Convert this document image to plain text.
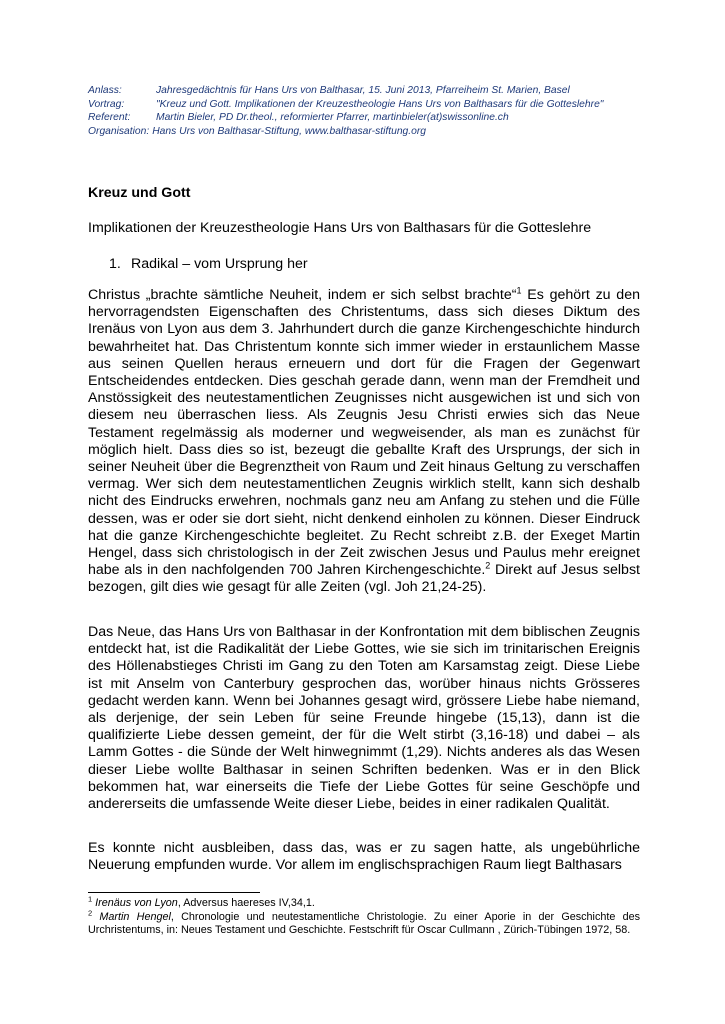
Anlass:	Jahresgedächtnis für Hans Urs von Balthasar, 15. Juni 2013, Pfarreiheim St. Marien, Basel
Vortrag:	"Kreuz und Gott. Implikationen der Kreuzestheologie Hans Urs von Balthasars für die Gotteslehre"
Referent:	Martin Bieler, PD Dr.theol., reformierter Pfarrer, martinbieler(at)swissonline.ch
Organisation: Hans Urs von Balthasar-Stiftung, www.balthasar-stiftung.org
Kreuz und Gott
Implikationen der Kreuzestheologie Hans Urs von Balthasars für die Gotteslehre
1. Radikal – vom Ursprung her

Christus „brachte sämtliche Neuheit, indem er sich selbst brachte“$^1$ Es gehört zu den hervorragendsten Eigenschaften des Christentums, dass sich dieses Diktum des Irenäus von Lyon aus dem 3. Jahrhundert durch die ganze Kirchengeschichte hindurch bewahrheitet hat. Das Christentum konnte sich immer wieder in erstaunlichem Masse aus seinen Quellen heraus erneuern und dort für die Fragen der Gegenwart Entscheidendes entdecken. Dies geschah gerade dann, wenn man der Fremdheit und Anstössigkeit des neutestamentlichen Zeugnisses nicht ausgewichen ist und sich von diesem neu überraschen liess. Als Zeugnis Jesu Christi erwies sich das Neue Testament regelmässig als moderner und wegweisender, als man es zunächst für möglich hielt. Dass dies so ist, bezeugt die geballte Kraft des Ursprungs, der sich in seiner Neuheit über die Begrenztheit von Raum und Zeit hinaus Geltung zu verschaffen vermag. Wer sich dem neutestamentlichen Zeugnis wirklich stellt, kann sich deshalb nicht des Eindrucks erwehren, nochmals ganz neu am Anfang zu stehen und die Fülle dessen, was er oder sie dort sieht, nicht denkend einholen zu können. Dieser Eindruck hat die ganze Kirchengeschichte begleitet. Zu Recht schreibt z.B. der Exeget Martin Hengel, dass sich christologisch in der Zeit zwischen Jesus und Paulus mehr ereignet habe als in den nachfolgenden 700 Jahren Kirchengeschichte.$^2$ Direkt auf Jesus selbst bezogen, gilt dies wie gesagt für alle Zeiten (vgl. Joh 21,24-25).

Das Neue, das Hans Urs von Balthasar in der Konfrontation mit dem biblischen Zeugnis entdeckt hat, ist die Radikalität der Liebe Gottes, wie sie sich im trinitarischen Ereignis des Höllenabstieges Christi im Gang zu den Toten am Karsamstag zeigt. Diese Liebe ist mit Anselm von Canterbury gesprochen das, worüber hinaus nichts Grösseres gedacht werden kann. Wenn bei Johannes gesagt wird, grössere Liebe habe niemand, als derjenige, der sein Leben für seine Freunde hingebe (15,13), dann ist die qualifizierte Liebe dessen gemeint, der für die Welt stirbt (3,16-18) und dabei – als Lamm Gottes - die Sünde der Welt hinwegnimmt (1,29). Nichts anderes als das Wesen dieser Liebe wollte Balthasar in seinen Schriften bedenken. Was er in den Blick bekommen hat, war einerseits die Tiefe der Liebe Gottes für seine Geschöpfe und andererseits die umfassende Weite dieser Liebe, beides in einer radikalen Qualität.

Es konnte nicht ausbleiben, dass das, was er zu sagen hatte, als ungebührliche Neuerung empfunden wurde. Vor allem im englischsprachigen Raum liegt Balthasars

$^1$ Irenäus von Lyon, Adversus haereses IV,34,1.

$^2$ Martin Hengel, Chronologie und neutestamentliche Christologie. Zu einer Aporie in der Geschichte des Urchristentums, in: Neues Testament und Geschichte. Festschrift für Oscar Cullmann , Zürich-Tübingen 1972, 58.
